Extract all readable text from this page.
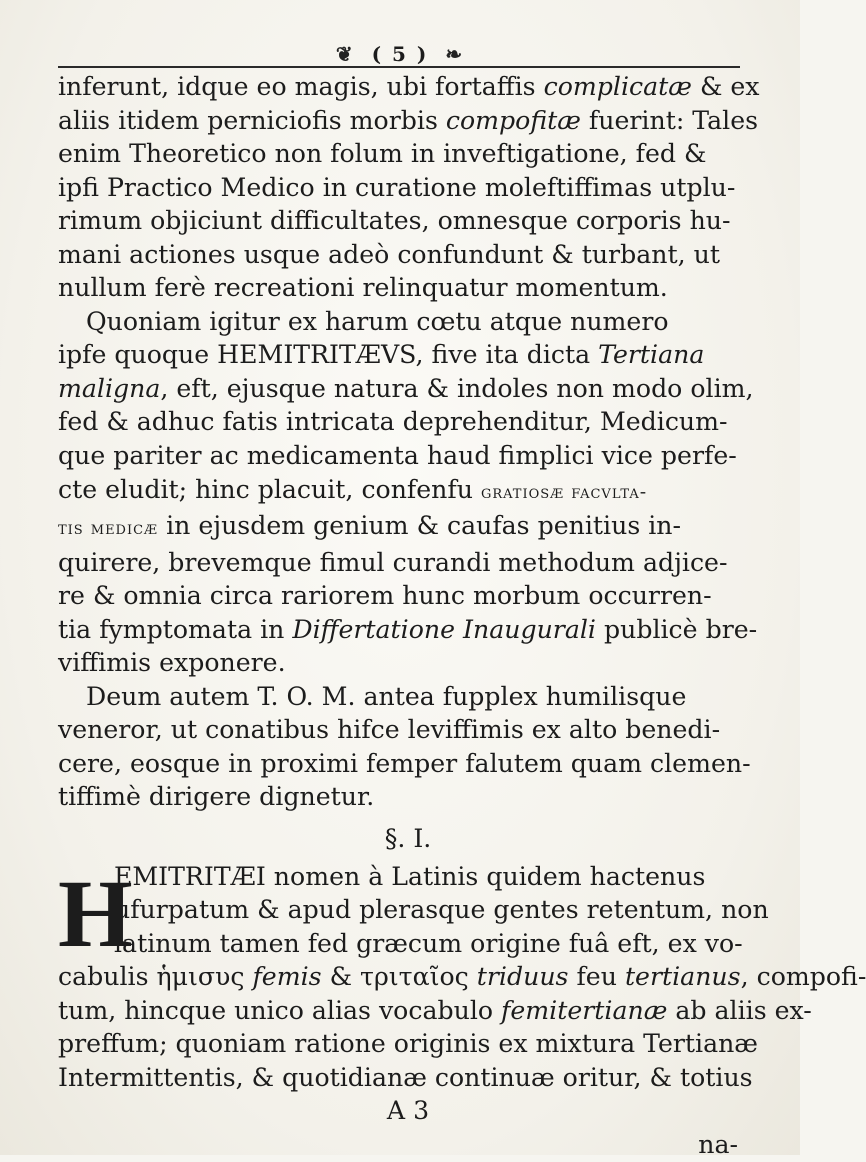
❦ ( 5 ) ❧

inferunt, idque eo magis, ubi fortaffis complicatæ & ex
aliis itidem perniciofis morbis compofitæ fuerint: Tales
enim Theoretico non folum in inveftigatione, fed &
ipfi Practico Medico in curatione moleftiffimas utplu-
rimum objiciunt difficultates, omnesque corporis hu-
mani actiones usque adeò confundunt & turbant, ut
nullum ferè recreationi relinquatur momentum.

Quoniam igitur ex harum cœtu atque numero
ipfe quoque HEMITRITÆVS, five ita dicta Tertiana
maligna, eft, ejusque natura & indoles non modo olim,
fed & adhuc fatis intricata deprehenditur, Medicum-
que pariter ac medicamenta haud fimplici vice perfe-
cte eludit; hinc placuit, confenfu gratiosæ facvlta-
tis medicæ in ejusdem genium & caufas penitius in-
quirere, brevemque fimul curandi methodum adjice-
re & omnia circa rariorem hunc morbum occurren-
tia fymptomata in Differtatione Inaugurali publicè bre-
viffimis exponere.

Deum autem T. O. M. antea fupplex humilisque
veneror, ut conatibus hifce leviffimis ex alto benedi-
cere, eosque in proximi femper falutem quam clemen-
tiffimè dirigere dignetur.

§. I.
H
EMITRITÆI nomen à Latinis quidem hactenus
ufurpatum & apud plerasque gentes retentum, non
latinum tamen fed græcum origine fuâ eft, ex vo-
cabulis ἡμισυς femis & τριταῖος triduus feu tertianus, compofi-
tum, hincque unico alias vocabulo femitertianæ ab aliis ex-
preffum; quoniam ratione originis ex mixtura Tertianæ
Intermittentis, & quotidianæ continuæ oritur, & totius
A 3
na-
